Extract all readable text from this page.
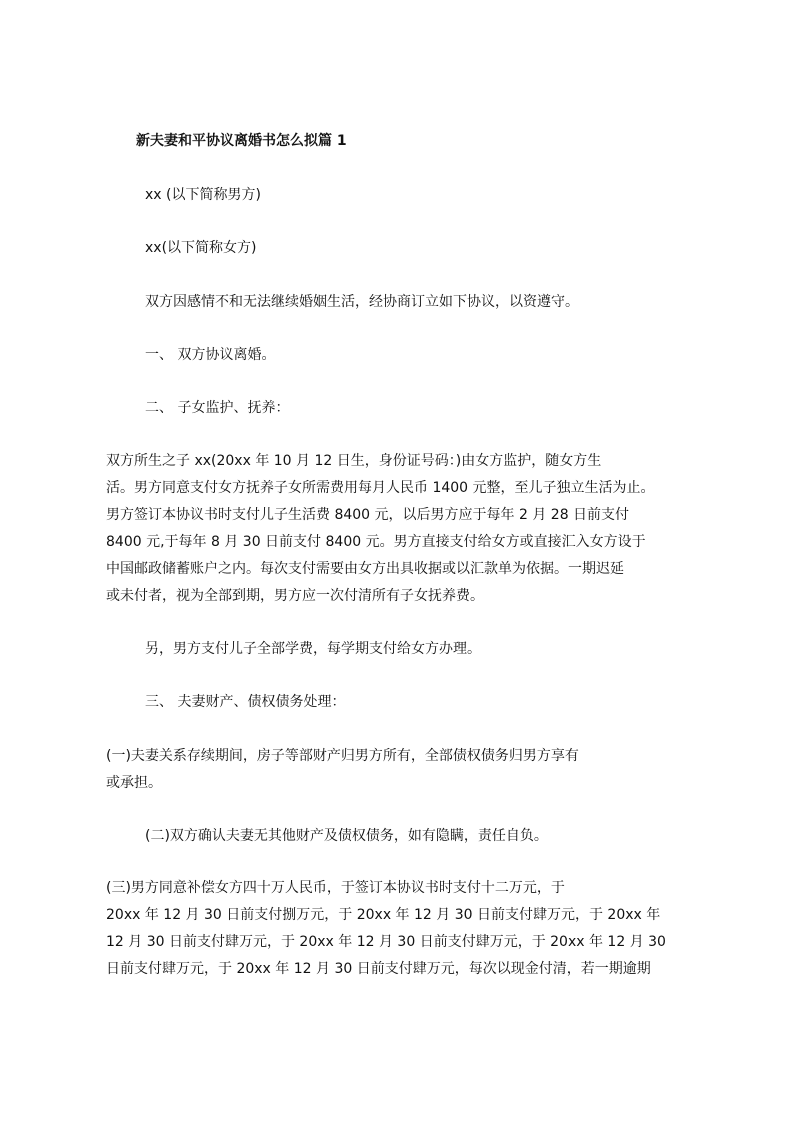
新夫妻和平协议离婚书怎么拟篇 1

xx (以下简称男方)

xx(以下简称女方)

双方因感情不和无法继续婚姻生活，经协商订立如下协议，以资遵守。

一、 双方协议离婚。

二、 子女监护、抚养：

双方所生之子 xx(20xx 年 10 月 12 日生，身份证号码：)由女方监护，随女方生

活。男方同意支付女方抚养子女所需费用每月人民币 1400 元整，至儿子独立生活为止。

男方签订本协议书时支付儿子生活费 8400 元，以后男方应于每年 2 月 28 日前支付

8400 元,于每年 8 月 30 日前支付 8400 元。男方直接支付给女方或直接汇入女方设于

中国邮政储蓄账户之内。每次支付需要由女方出具收据或以汇款单为依据。一期迟延

或未付者，视为全部到期，男方应一次付清所有子女抚养费。

另，男方支付儿子全部学费，每学期支付给女方办理。

三、 夫妻财产、债权债务处理：

(一)夫妻关系存续期间，房子等部财产归男方所有，全部债权债务归男方享有

或承担。

(二)双方确认夫妻无其他财产及债权债务，如有隐瞒，责任自负。

(三)男方同意补偿女方四十万人民币，于签订本协议书时支付十二万元，于

20xx 年 12 月 30 日前支付捌万元，于 20xx 年 12 月 30 日前支付肆万元，于 20xx 年

12 月 30 日前支付肆万元，于 20xx 年 12 月 30 日前支付肆万元，于 20xx 年 12 月 30

日前支付肆万元，于 20xx 年 12 月 30 日前支付肆万元，每次以现金付清，若一期逾期
